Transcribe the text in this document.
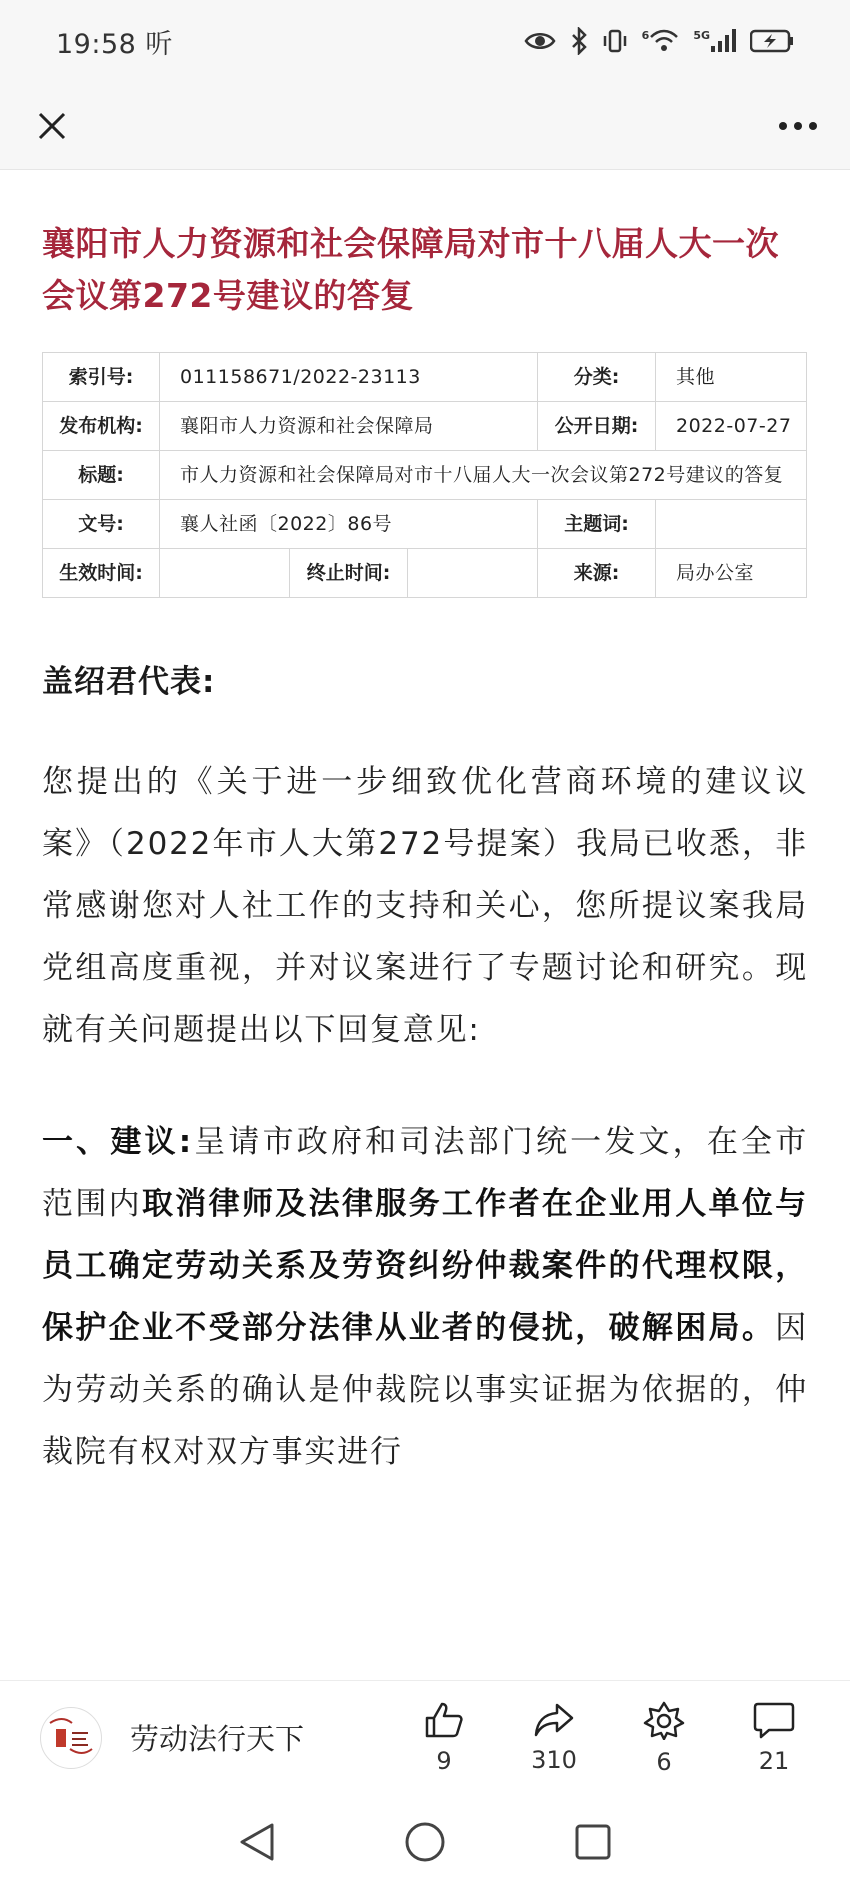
19:58 听	6	5G
襄阳市人力资源和社会保障局对市十八届人大一次会议第272号建议的答复
索引号:	011158671/2022-23113			分类:	其他
发布机构:	襄阳市人力资源和社会保障局			公开日期:	2022-07-27
标题:	市人力资源和社会保障局对市十八届人大一次会议第272号建议的答复				
文号:	襄人社函〔2022〕86号			主题词:	
生效时间:		终止时间:		来源:	局办公室

盖绍君代表:

您提出的《关于进一步细致优化营商环境的建议议案》（2022年市人大第272号提案）我局已收悉，非常感谢您对人社工作的支持和关心，您所提议案我局党组高度重视，并对议案进行了专题讨论和研究。现就有关问题提出以下回复意见:

一、建议:呈请市政府和司法部门统一发文，在全市范围内取消律师及法律服务工作者在企业用人单位与员工确定劳动关系及劳资纠纷仲裁案件的代理权限，保护企业不受部分法律从业者的侵扰，破解困局。因为劳动关系的确认是仲裁院以事实证据为依据的，仲裁院有权对双方事实进行

劳动法行天下
9	310	6	21
